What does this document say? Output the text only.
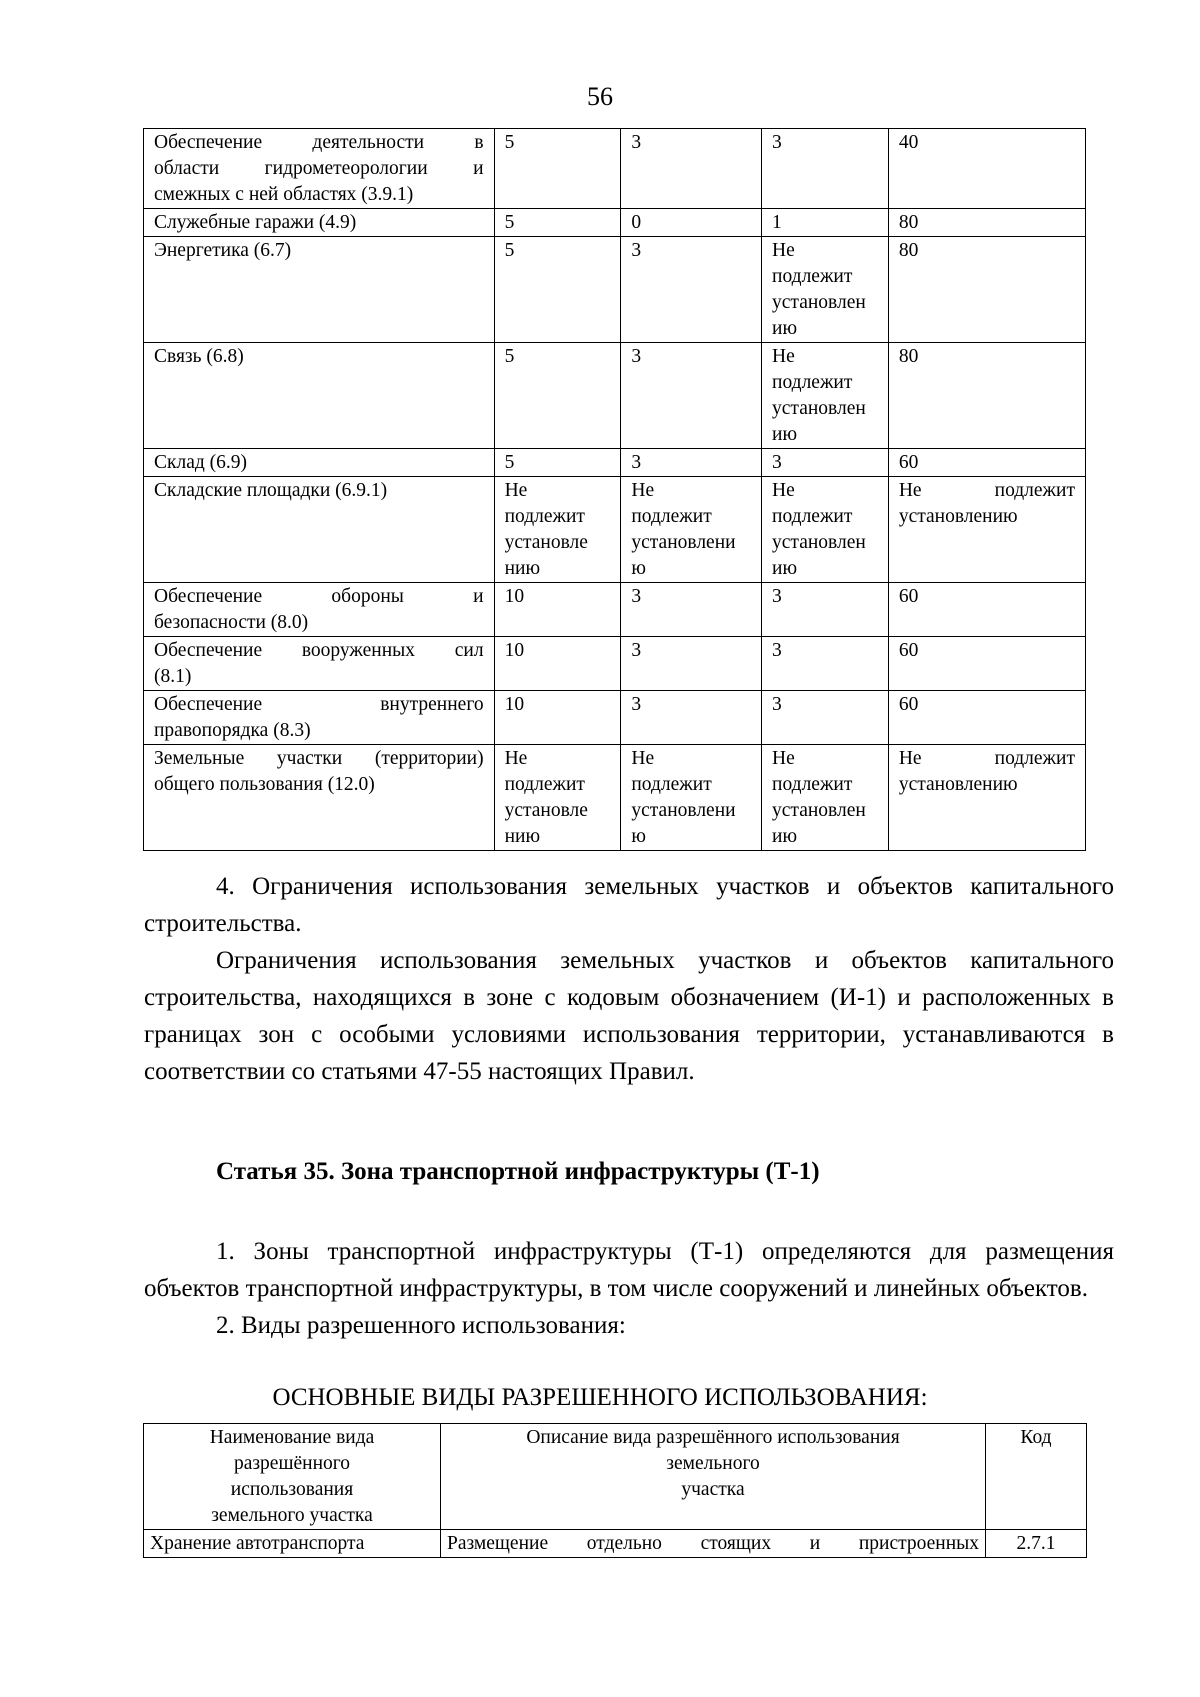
56
Обеспечение деятельности в
области гидрометеорологии и
смежных с ней областях (3.9.1)	5	3	3	40

Служебные гаражи (4.9)	5	0	1	80

Энергетика (6.7)	5	3	Не
подлежит
установлен
ию	80

Связь (6.8)	5	3	Не
подлежит
установлен
ию	80

Склад (6.9)	5	3	3	60

Складские площадки (6.9.1)	Не
подлежит
установле
нию	Не
подлежит
установлени
ю	Не
подлежит
установлен
ию	Не подлежит
установлению

Обеспечение обороны и
безопасности (8.0)	10	3	3	60

Обеспечение вооруженных сил
(8.1)	10	3	3	60

Обеспечение внутреннего
правопорядка (8.3)	10	3	3	60

Земельные участки (территории)
общего пользования (12.0)	Не
подлежит
установле
нию	Не
подлежит
установлени
ю	Не
подлежит
установлен
ию	Не подлежит
установлению

4. Ограничения использования земельных участков и объектов капитального строительства.

Ограничения использования земельных участков и объектов капитального строительства, находящихся в зоне с кодовым обозначением (И-1) и расположенных в границах зон с особыми условиями использования территории, устанавливаются в соответствии со статьями 47-55 настоящих Правил.

Статья 35. Зона транспортной инфраструктуры (Т-1)

1. Зоны транспортной инфраструктуры (Т-1) определяются для размещения объектов транспортной инфраструктуры, в том числе сооружений и линейных объектов.

2. Виды разрешенного использования:

ОСНОВНЫЕ ВИДЫ РАЗРЕШЕННОГО ИСПОЛЬЗОВАНИЯ:

Наименование вида
разрешённого
использования
земельного участка	Описание вида разрешённого использования
земельного
участка	Код
Хранение автотранспорта	Размещение отдельно стоящих и пристроенных	2.7.1
